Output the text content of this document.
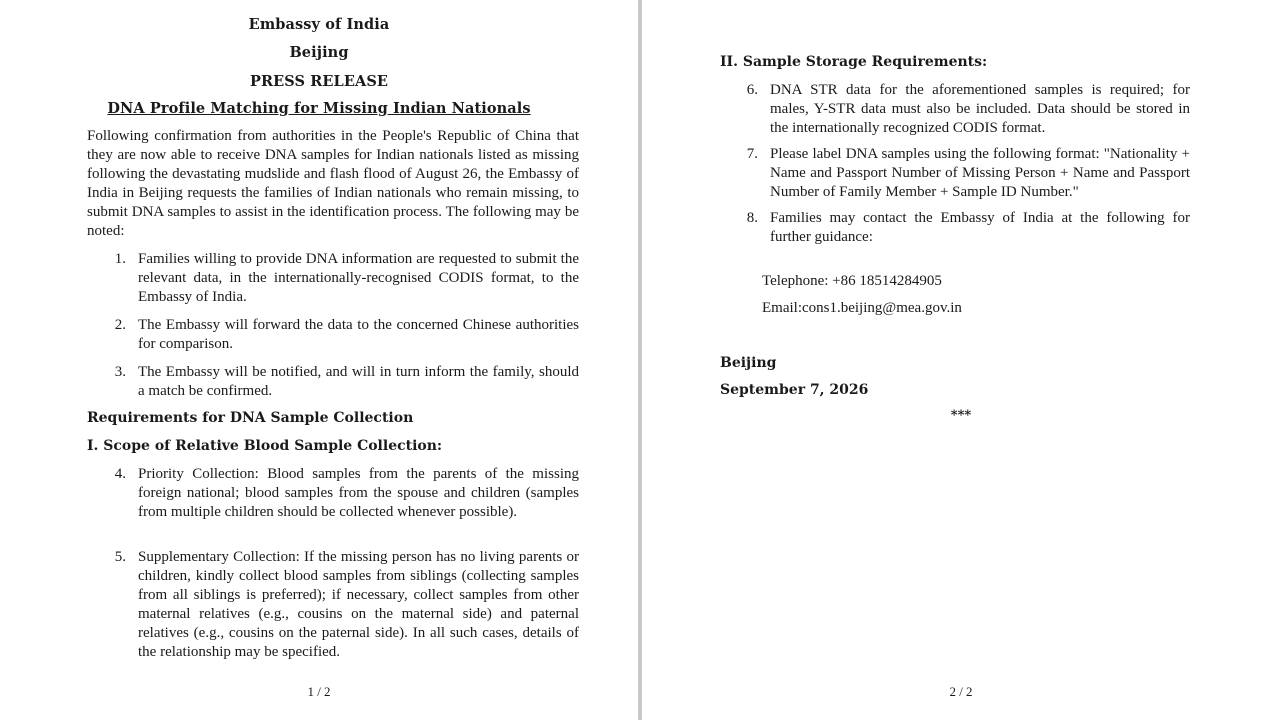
Embassy of India
Beijing
PRESS RELEASE
DNA Profile Matching for Missing Indian Nationals
Following confirmation from authorities in the People's Republic of China that they are now able to receive DNA samples for Indian nationals listed as missing following the devastating mudslide and flash flood of August 26, the Embassy of India in Beijing requests the families of Indian nationals who remain missing, to submit DNA samples to assist in the identification process. The following may be noted:
1. Families willing to provide DNA information are requested to submit the relevant data, in the internationally-recognised CODIS format, to the Embassy of India.
2. The Embassy will forward the data to the concerned Chinese authorities for comparison.
3. The Embassy will be notified, and will in turn inform the family, should a match be confirmed.
Requirements for DNA Sample Collection
I. Scope of Relative Blood Sample Collection:
4. Priority Collection: Blood samples from the parents of the missing foreign national; blood samples from the spouse and children (samples from multiple children should be collected whenever possible).
5. Supplementary Collection: If the missing person has no living parents or children, kindly collect blood samples from siblings (collecting samples from all siblings is preferred); if necessary, collect samples from other maternal relatives (e.g., cousins on the maternal side) and paternal relatives (e.g., cousins on the paternal side). In all such cases, details of the relationship may be specified.
1 / 2
II. Sample Storage Requirements:
6. DNA STR data for the aforementioned samples is required; for males, Y-STR data must also be included. Data should be stored in the internationally recognized CODIS format.
7. Please label DNA samples using the following format: "Nationality + Name and Passport Number of Missing Person + Name and Passport Number of Family Member + Sample ID Number."
8. Families may contact the Embassy of India at the following for further guidance:
Telephone: +86 18514284905
Email:cons1.beijing@mea.gov.in
Beijing
September 7, 2026
***
2 / 2
